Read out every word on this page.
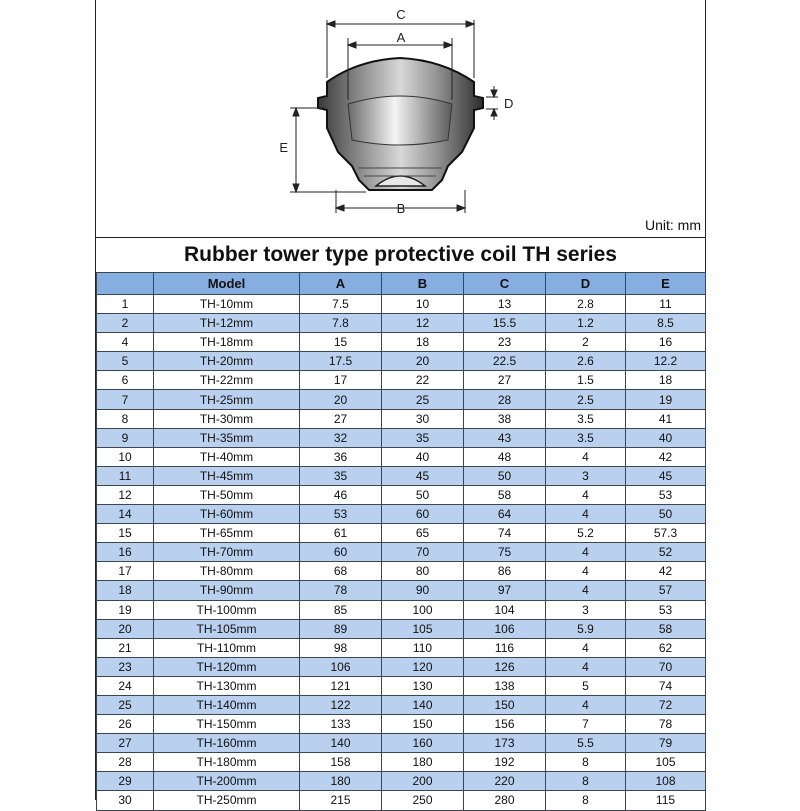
C
A
D
E
B
Unit: mm
Rubber tower type protective coil TH series
	Model	A	B	C	D	E
1	TH-10mm	7.5	10	13	2.8	11
2	TH-12mm	7.8	12	15.5	1.2	8.5
4	TH-18mm	15	18	23	2	16
5	TH-20mm	17.5	20	22.5	2.6	12.2
6	TH-22mm	17	22	27	1.5	18
7	TH-25mm	20	25	28	2.5	19
8	TH-30mm	27	30	38	3.5	41
9	TH-35mm	32	35	43	3.5	40
10	TH-40mm	36	40	48	4	42
11	TH-45mm	35	45	50	3	45
12	TH-50mm	46	50	58	4	53
14	TH-60mm	53	60	64	4	50
15	TH-65mm	61	65	74	5.2	57.3
16	TH-70mm	60	70	75	4	52
17	TH-80mm	68	80	86	4	42
18	TH-90mm	78	90	97	4	57
19	TH-100mm	85	100	104	3	53
20	TH-105mm	89	105	106	5.9	58
21	TH-110mm	98	110	116	4	62
23	TH-120mm	106	120	126	4	70
24	TH-130mm	121	130	138	5	74
25	TH-140mm	122	140	150	4	72
26	TH-150mm	133	150	156	7	78
27	TH-160mm	140	160	173	5.5	79
28	TH-180mm	158	180	192	8	105
29	TH-200mm	180	200	220	8	108
30	TH-250mm	215	250	280	8	115
